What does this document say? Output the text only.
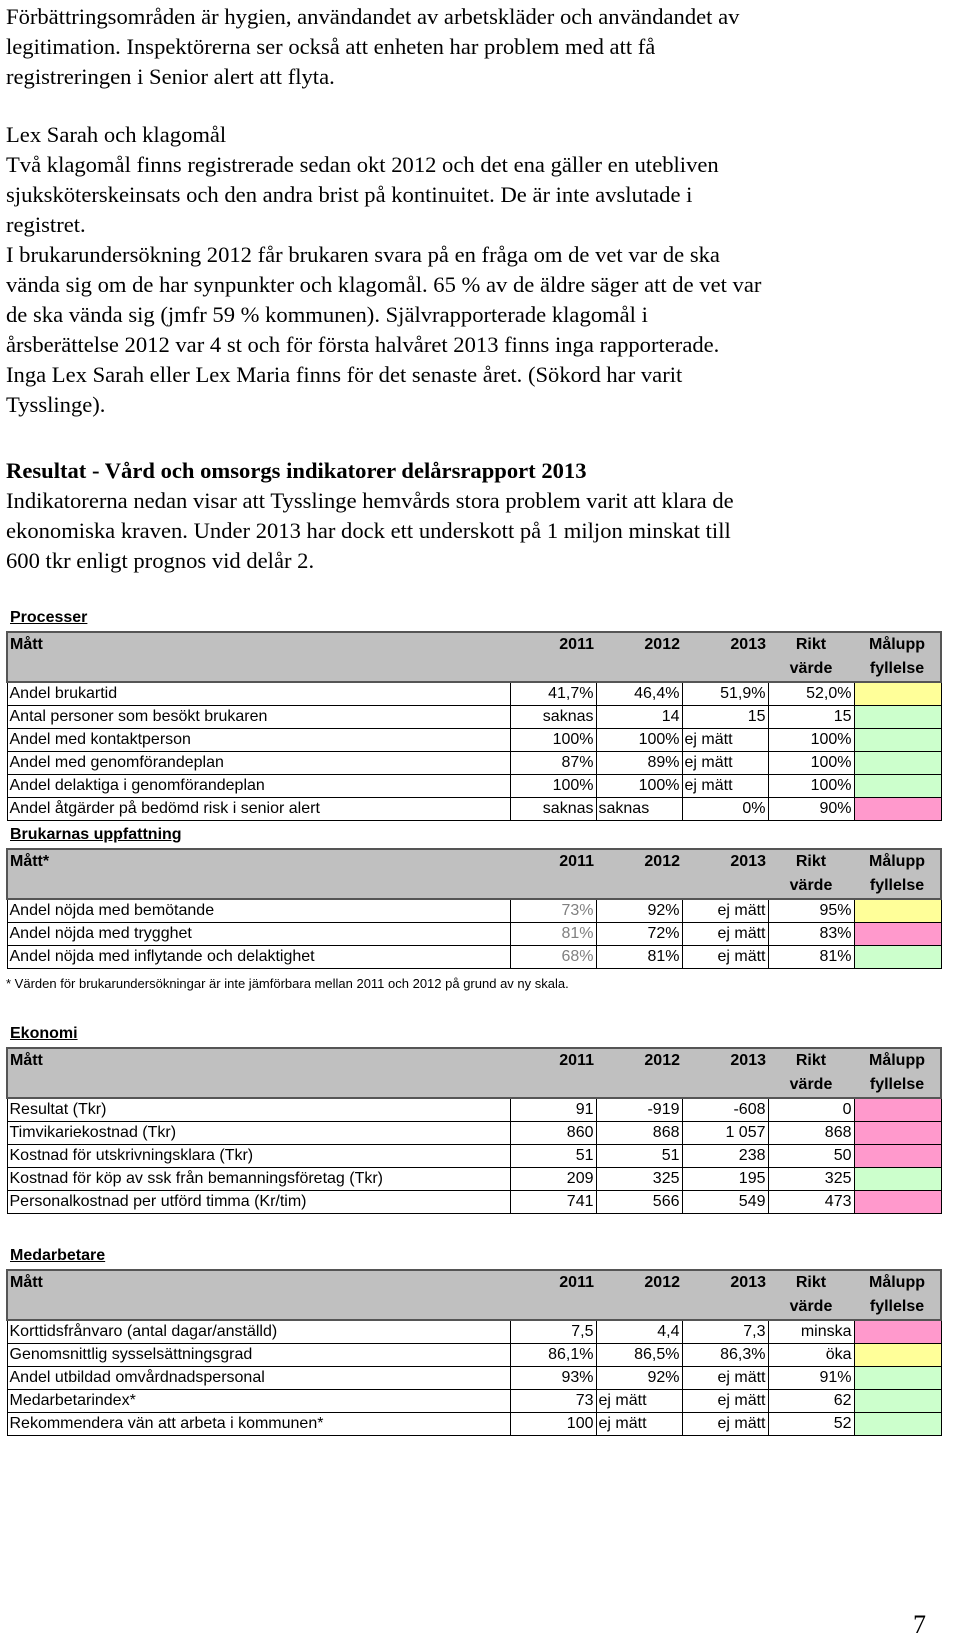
Förbättringsområden är hygien, användandet av arbetskläder och användandet av
legitimation. Inspektörerna ser också att enheten har problem med att få
registreringen i Senior alert att flyta.
Lex Sarah och klagomål
Två klagomål finns registrerade sedan okt 2012 och det ena gäller en utebliven
sjuksköterskeinsats och den andra brist på kontinuitet. De är inte avslutade i
registret.
I brukarundersökning 2012 får brukaren svara på en fråga om de vet var de ska
vända sig om de har synpunkter och klagomål. 65 % av de äldre säger att de vet var
de ska vända sig (jmfr 59 % kommunen). Självrapporterade klagomål i
årsberättelse 2012 var 4 st och för första halvåret 2013 finns inga rapporterade.
Inga Lex Sarah eller Lex Maria finns för det senaste året. (Sökord har varit
Tysslinge).
Resultat - Vård och omsorgs indikatorer delårsrapport 2013
Indikatorerna nedan visar att Tysslinge hemvårds stora problem varit att klara de
ekonomiska kraven. Under 2013 har dock ett underskott på 1 miljon minskat till
600 tkr enligt prognos vid delår 2.
Processer
Mått	2011	2012	2013	Rikt
värde	Målupp
fyllelse
Andel brukartid	41,7%	46,4%	51,9%	52,0%	
Antal personer som besökt brukaren	saknas	14	15	15	
Andel med kontaktperson	100%	100%	ej mätt	100%	
Andel med genomförandeplan	87%	89%	ej mätt	100%	
Andel delaktiga i genomförandeplan	100%	100%	ej mätt	100%	
Andel åtgärder på bedömd risk i senior alert	saknas	saknas	0%	90%	
Brukarnas uppfattning
Mått*	2011	2012	2013	Rikt
värde	Målupp
fyllelse
Andel nöjda med bemötande	73%	92%	ej mätt	95%	
Andel nöjda med trygghet	81%	72%	ej mätt	83%	
Andel nöjda med inflytande och delaktighet	68%	81%	ej mätt	81%	
* Värden för brukarundersökningar är inte jämförbara mellan 2011 och 2012 på grund av ny skala.
Ekonomi
Mått	2011	2012	2013	Rikt
värde	Målupp
fyllelse
Resultat (Tkr)	91	-919	-608	0	
Timvikariekostnad (Tkr)	860	868	1 057	868	
Kostnad för utskrivningsklara (Tkr)	51	51	238	50	
Kostnad för köp av ssk från bemanningsföretag (Tkr)	209	325	195	325	
Personalkostnad per utförd timma (Kr/tim)	741	566	549	473	
Medarbetare
Mått	2011	2012	2013	Rikt
värde	Målupp
fyllelse
Korttidsfrånvaro (antal dagar/anställd)	7,5	4,4	7,3	minska	
Genomsnittlig sysselsättningsgrad	86,1%	86,5%	86,3%	öka	
Andel utbildad omvårdnadspersonal	93%	92%	ej mätt	91%	
Medarbetarindex*	73	ej mätt	ej mätt	62	
Rekommendera vän att arbeta i kommunen*	100	ej mätt	ej mätt	52	
7
